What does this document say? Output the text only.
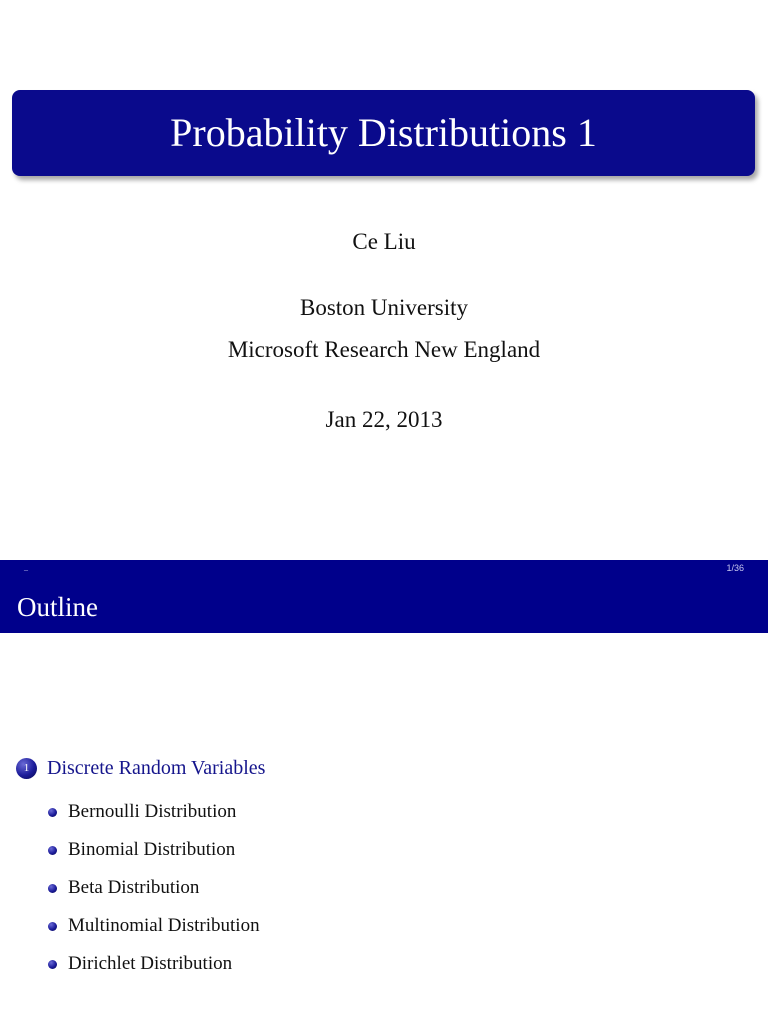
Probability Distributions 1
Ce Liu
Boston University
Microsoft Research New England
Jan 22, 2013
–	1/36
Outline
1 Discrete Random Variables
Bernoulli Distribution
Binomial Distribution
Beta Distribution
Multinomial Distribution
Dirichlet Distribution
